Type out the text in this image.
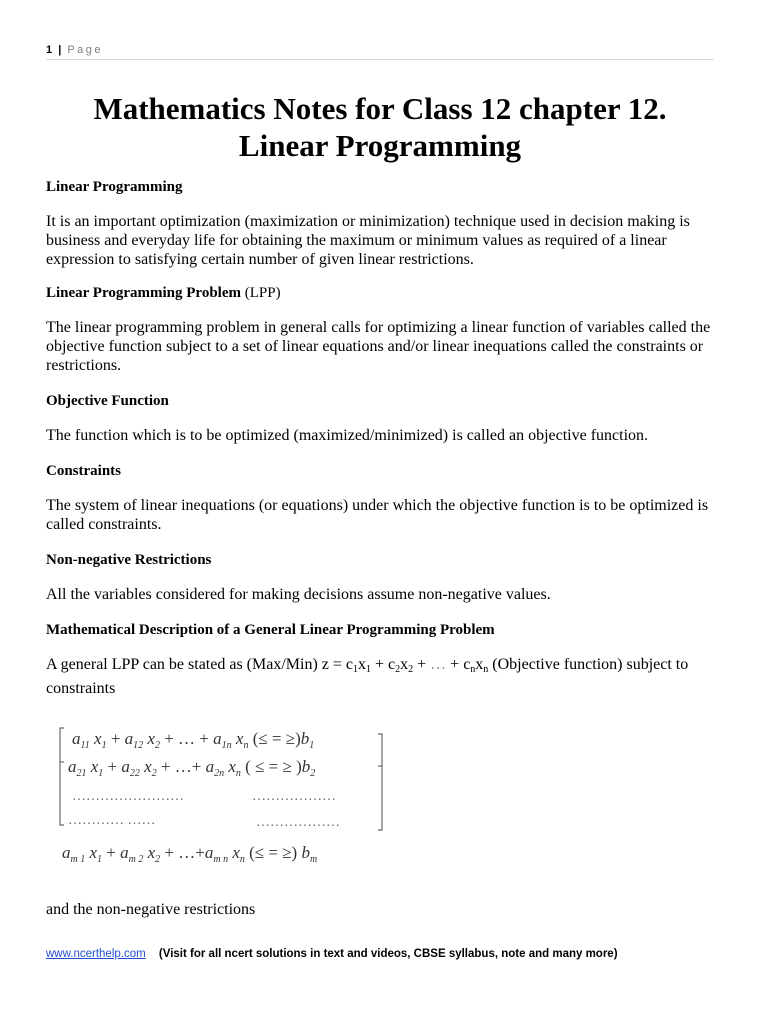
1 | Page
Mathematics Notes for Class 12 chapter 12.
Linear Programming

Linear Programming

It is an important optimization (maximization or minimization) technique used in decision making is business and everyday life for obtaining the maximum or minimum values as required of a linear expression to satisfying certain number of given linear restrictions.

Linear Programming Problem (LPP)

The linear programming problem in general calls for optimizing a linear function of variables called the objective function subject to a set of linear equations and/or linear inequations called the constraints or restrictions.

Objective Function

The function which is to be optimized (maximized/minimized) is called an objective function.

Constraints

The system of linear inequations (or equations) under which the objective function is to be optimized is called constraints.

Non-negative Restrictions

All the variables considered for making decisions assume non-negative values.

Mathematical Description of a General Linear Programming Problem

A general LPP can be stated as (Max/Min) $z = c_1x_1 + c_2x_2$ + … + $c_nx_n$ (Objective function) subject to constraints

$a_{11}$ $x_1 + a_{12}$ $x_2$ + … + $a_{1n}$ $x_n$ (≤ = $\ge)b_1$
$a_{21}$ $x_1 + a_{22}$ $x_2$ + …+ $a_{2n}$ $x_n$ ( ≤ = ≥ )$b_2$
……………………	………………
………… ……	………………
$a_{m 1}$ $x_1 + a_{m 2}$ $x_2$ + $\dots+a_{m n}$ $x_n$ (≤ = ≥) $b_m$

and the non-negative restrictions

www.ncerthelp.com (Visit for all ncert solutions in text and videos, CBSE syllabus, note and many more)
